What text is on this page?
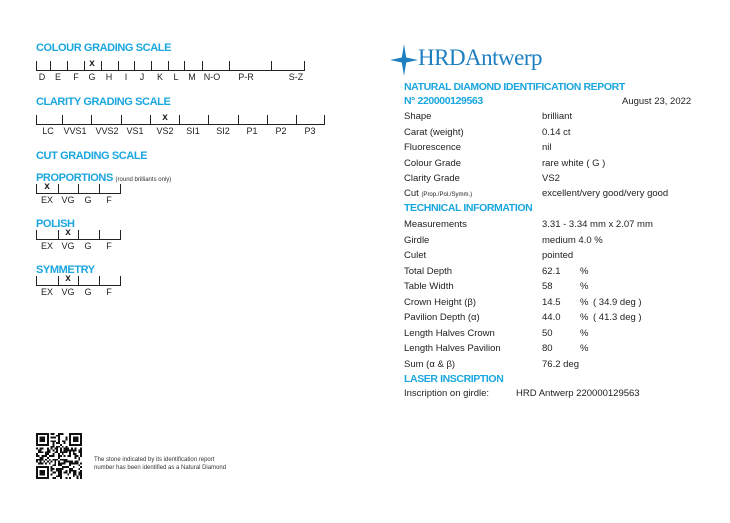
COLOUR GRADING SCALE
D E F G H I J K L M N-O P-R	S-Z
x
CLARITY GRADING SCALE
LC VVS1 VVS2 VS1 VS2 SI1 SI2 P1 P2 P3
x
CUT GRADING SCALE
PROPORTIONS (round brilliants only)
EX VG G F
x
POLISH
EX VG G F
x
SYMMETRY
EX VG G F
x
The stone indicated by its identification report
number has been identified as a Natural Diamond
HRDAntwerp
NATURAL DIAMOND IDENTIFICATION REPORT
N° 220000129563	August 23, 2022
Shape	brilliant
Carat (weight)	0.14 ct
Fluorescence	nil
Colour Grade	rare white ( G )
Clarity Grade	VS2
Cut (Prop./Pol./Symm.)	excellent/very good/very good
TECHNICAL INFORMATION
Measurements	3.31 - 3.34 mm x 2.07 mm
Girdle	medium 4.0 %
Culet	pointed
Total Depth	62.1 %
Table Width	58	%
Crown Height (β)	14.5 % ( 34.9 deg )
Pavilion Depth (α)	44.0 % ( 41.3 deg )
Length Halves Crown	50	%
Length Halves Pavilion	80	%
Sum (α & β)	76.2 deg
LASER INSCRIPTION
Inscription on girdle:	HRD Antwerp 220000129563
